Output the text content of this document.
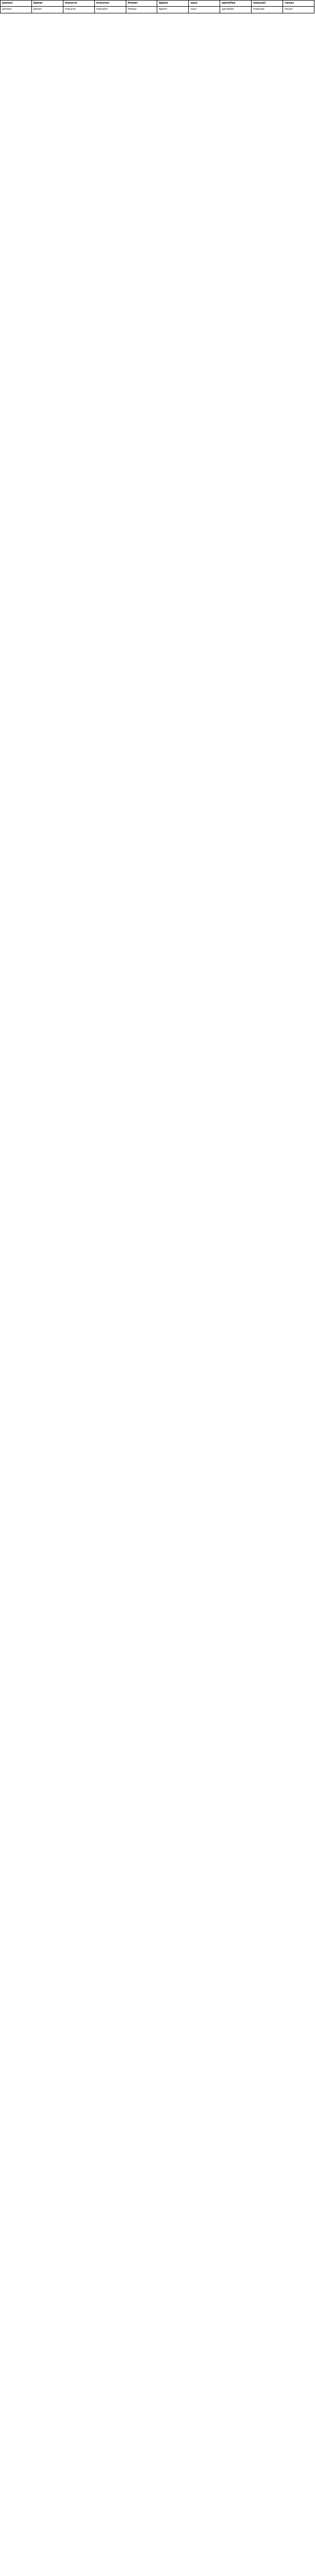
jamesr	bjmer	mwurre	mwuren	fmwar	bjamr	xaur	ajmwfae	mwuoei	rwuer
jamesr	bjmer	mwurre	mwuren	fmwar	bjamr	xaur	ajmwfae	mwuoei	rwuer
